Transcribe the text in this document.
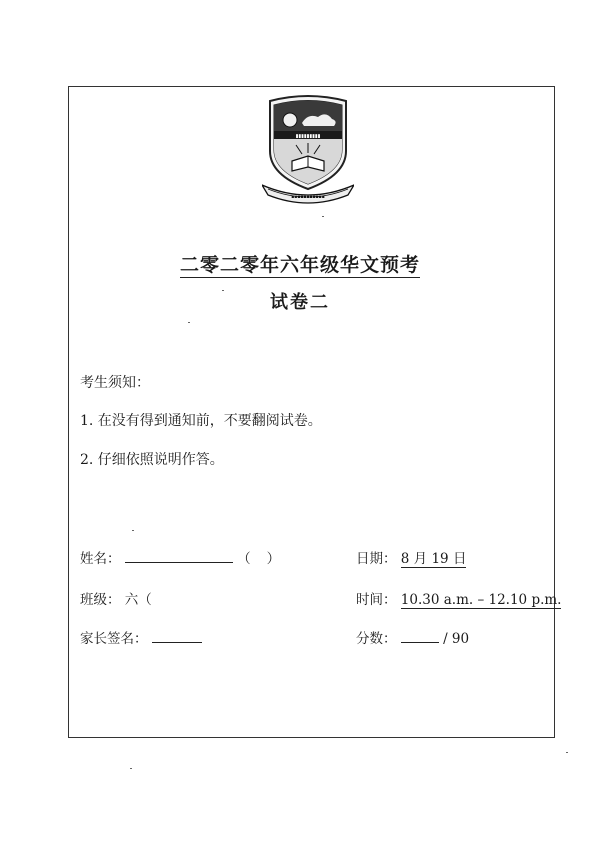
▮▮▮▮▮▮▮▮▮
▪▪▪▪▪▪▪▪▪▪▪
二零二零年六年级华文预考
试卷二
考生须知：
1. 在没有得到通知前，不要翻阅试卷。
2. 仔细依照说明作答。
姓名：	（ ）
班级： 六（
家长签名：
日期： 8 月 19 日
时间： 10.30 a.m. – 12.10 p.m.
分数：	/ 90
